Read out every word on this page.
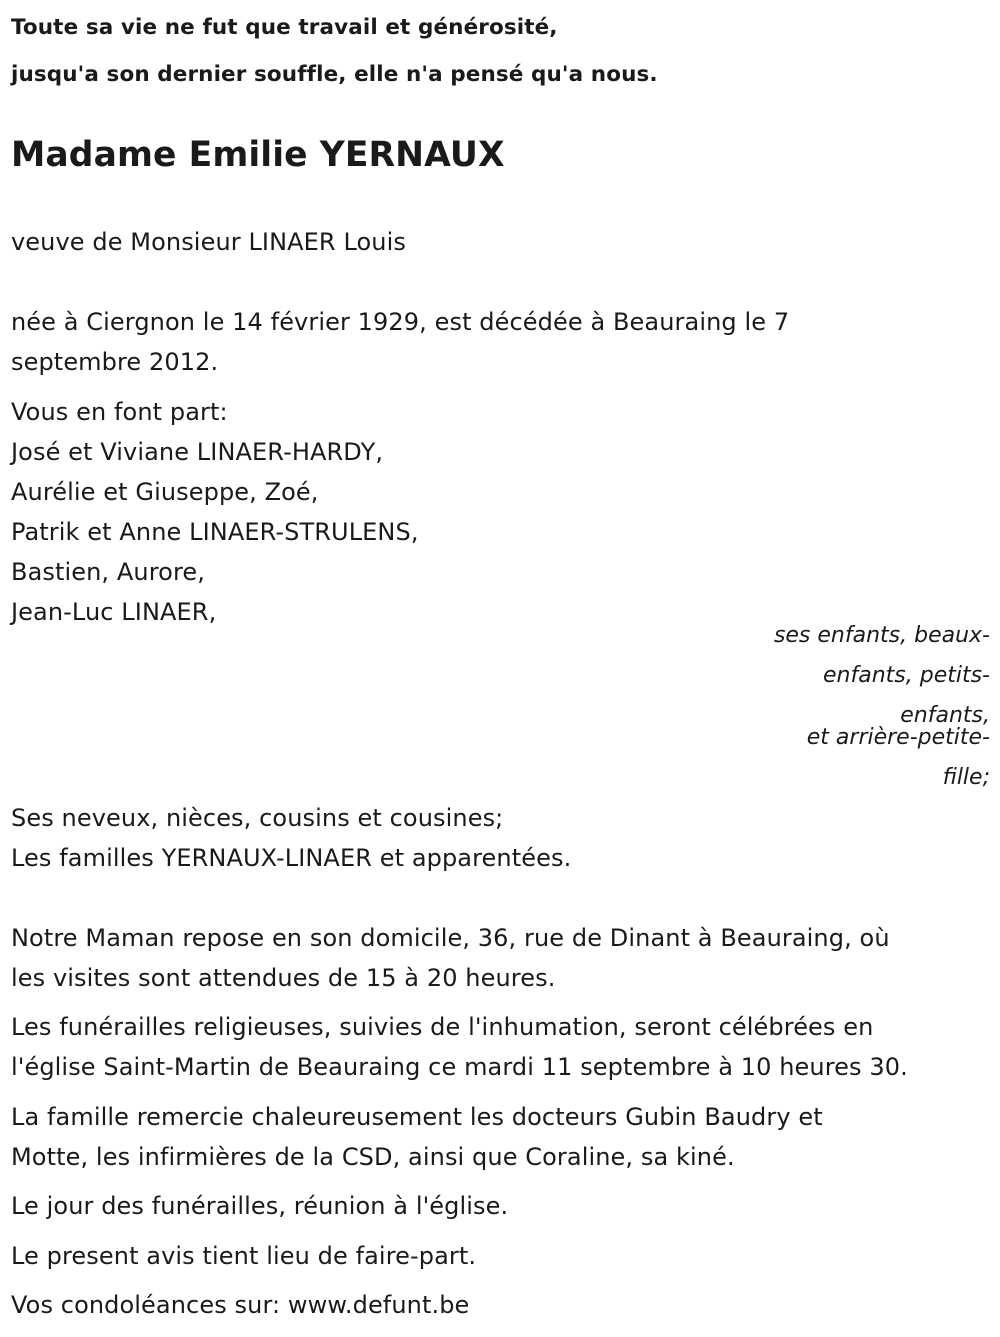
Toute sa vie ne fut que travail et générosité,
jusqu'a son dernier souffle, elle n'a pensé qu'a nous.
Madame Emilie YERNAUX
veuve de Monsieur LINAER Louis
née à Ciergnon le 14 février 1929, est décédée à Beauraing le 7
septembre 2012.
Vous en font part:
José et Viviane LINAER-HARDY,
Aurélie et Giuseppe, Zoé,
Patrik et Anne LINAER-STRULENS,
Bastien, Aurore,
Jean-Luc LINAER,
ses enfants, beaux-
enfants, petits-
enfants,
et arrière-petite-
fille;
Ses neveux, nièces, cousins et cousines;
Les familles YERNAUX-LINAER et apparentées.
Notre Maman repose en son domicile, 36, rue de Dinant à Beauraing, où
les visites sont attendues de 15 à 20 heures.
Les funérailles religieuses, suivies de l'inhumation, seront célébrées en
l'église Saint-Martin de Beauraing ce mardi 11 septembre à 10 heures 30.
La famille remercie chaleureusement les docteurs Gubin Baudry et
Motte, les infirmières de la CSD, ainsi que Coraline, sa kiné.
Le jour des funérailles, réunion à l'église.
Le present avis tient lieu de faire-part.
Vos condoléances sur: www.defunt.be
